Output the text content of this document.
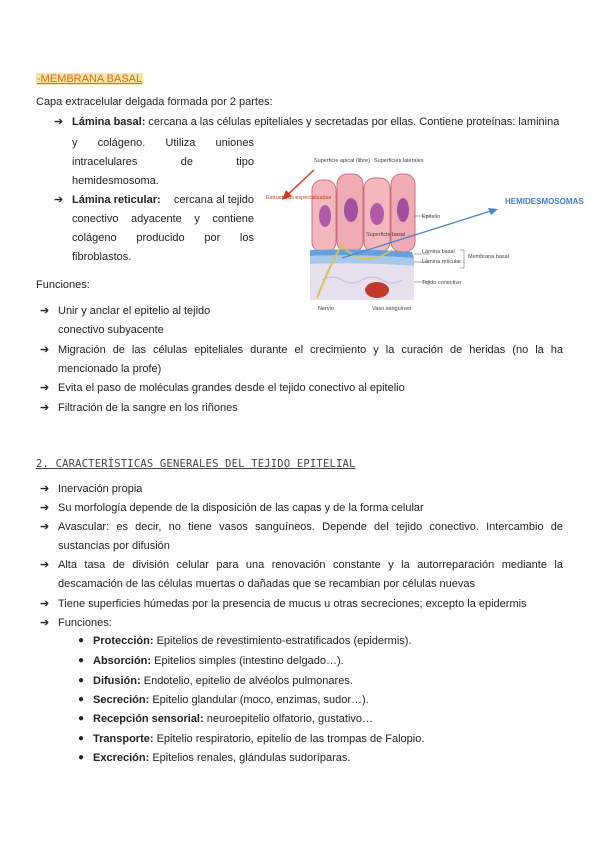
-MEMBRANA BASAL
Capa extracelular delgada formada por 2 partes:
➔ Lámina basal: cercana a las células epiteliales y secretadas por ellas. Contiene proteínas: laminina
y colágeno. Utiliza uniones
intracelulares	de	tipo
hemidesmosoma.
➔ Lámina reticular: cercana al tejido
conectivo adyacente y contiene
colágeno producido por los
fibroblastos.
Funciones:
➔ Unir y anclar el epitelio al tejido
conectivo subyacente
➔ Migración de las células epiteliales durante el crecimiento y la curación de heridas (no la ha
mencionado la profe)
➔ Evita el paso de moléculas grandes desde el tejido conectivo al epitelio
➔ Filtración de la sangre en los riñones
Estructuras especializadas
Superficie apical (libre) Superficies laterales
Epitelio
Superficie basal
Lámina basal
Lámina reticular
Membrana basal
Tejido conectivo
Nervio	Vaso sanguíneo
HEMIDESMOSOMAS
2. CARACTERÍSTICAS GENERALES DEL TEJIDO EPITELIAL
➔ Inervación propia
➔ Su morfología depende de la disposición de las capas y de la forma celular
➔ Avascular: es decir, no tiene vasos sanguíneos. Depende del tejido conectivo. Intercambio de
sustancias por difusión
➔ Alta tasa de división celular para una renovación constante y la autorreparación mediante la
descamación de las células muertas o dañadas que se recambian por células nuevas
➔ Tiene superficies húmedas por la presencia de mucus u otras secreciones; excepto la epidermis
➔ Funciones:
● Protección: Epitelios de revestimiento-estratificados (epidermis).
● Absorción: Epitelios simples (intestino delgado…).
● Difusión: Endotelio, epitelio de alvéolos pulmonares.
● Secreción: Epitelio glandular (moco, enzimas, sudor…).
● Recepción sensorial: neuroepitelio olfatorio, gustativo…
● Transporte: Epitelio respiratorio, epitelio de las trompas de Falopio.
● Excreción: Epitelios renales, glándulas sudoríparas.
